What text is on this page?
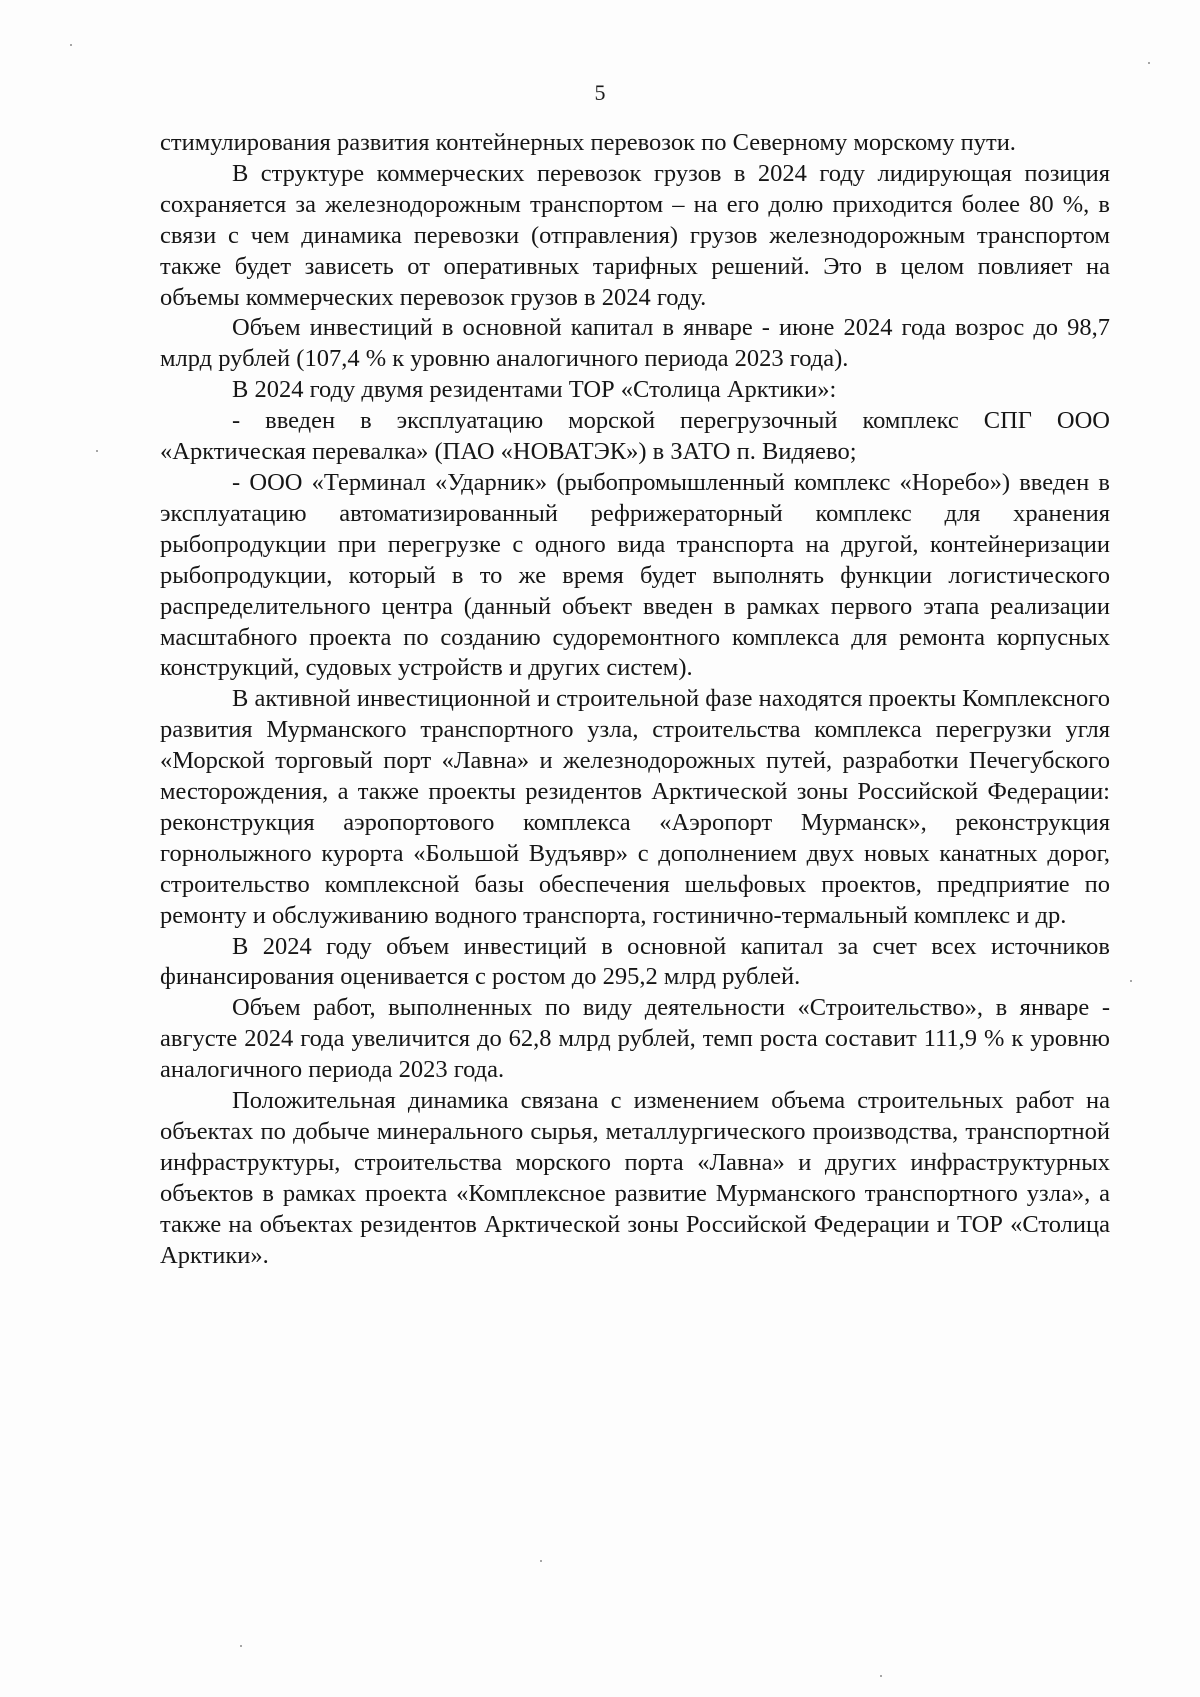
5

стимулирования развития контейнерных перевозок по Северному морскому пути.

В структуре коммерческих перевозок грузов в 2024 году лидирующая позиция сохраняется за железнодорожным транспортом – на его долю приходится более 80 %, в связи с чем динамика перевозки (отправления) грузов железнодорожным транспортом также будет зависеть от оперативных тарифных решений. Это в целом повлияет на объемы коммерческих перевозок грузов в 2024 году.

Объем инвестиций в основной капитал в январе - июне 2024 года возрос до 98,7 млрд рублей (107,4 % к уровню аналогичного периода 2023 года).

В 2024 году двумя резидентами ТОР «Столица Арктики»:

- введен в эксплуатацию морской перегрузочный комплекс СПГ ООО «Арктическая перевалка» (ПАО «НОВАТЭК») в ЗАТО п. Видяево;

- ООО «Терминал «Ударник» (рыбопромышленный комплекс «Норебо») введен в эксплуатацию автоматизированный рефрижераторный комплекс для хранения рыбопродукции при перегрузке с одного вида транспорта на другой, контейнеризации рыбопродукции, который в то же время будет выполнять функции логистического распределительного центра (данный объект введен в рамках первого этапа реализации масштабного проекта по созданию судоремонтного комплекса для ремонта корпусных конструкций, судовых устройств и других систем).

В активной инвестиционной и строительной фазе находятся проекты Комплексного развития Мурманского транспортного узла, строительства комплекса перегрузки угля «Морской торговый порт «Лавна» и железнодорожных путей, разработки Печегубского месторождения, а также проекты резидентов Арктической зоны Российской Федерации: реконструкция аэропортового комплекса «Аэропорт Мурманск», реконструкция горнолыжного курорта «Большой Вудъявр» с дополнением двух новых канатных дорог, строительство комплексной базы обеспечения шельфовых проектов, предприятие по ремонту и обслуживанию водного транспорта, гостинично-термальный комплекс и др.

В 2024 году объем инвестиций в основной капитал за счет всех источников финансирования оценивается с ростом до 295,2 млрд рублей.

Объем работ, выполненных по виду деятельности «Строительство», в январе - августе 2024 года увеличится до 62,8 млрд рублей, темп роста составит 111,9 % к уровню аналогичного периода 2023 года.

Положительная динамика связана с изменением объема строительных работ на объектах по добыче минерального сырья, металлургического производства, транспортной инфраструктуры, строительства морского порта «Лавна» и других инфраструктурных объектов в рамках проекта «Комплексное развитие Мурманского транспортного узла», а также на объектах резидентов Арктической зоны Российской Федерации и ТОР «Столица Арктики».
